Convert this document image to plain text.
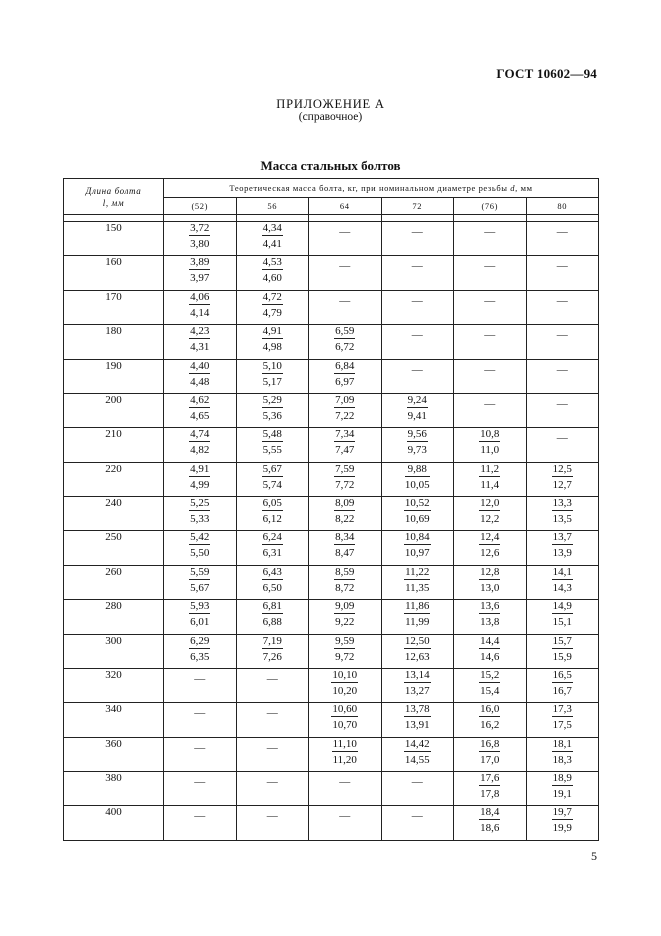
ГОСТ 10602—94
ПРИЛОЖЕНИЕ А
(справочное)
Масса стальных болтов
Длина болта
l, мм	Теоретическая масса болта, кг, при номинальном диаметре резьбы d, мм					
	(52)	56	64	72	(76)	80

150	$\frac{3,72}{3,80}$	$\frac{4,34}{4,41}$	—	—	—	—
160	$\frac{3,89}{3,97}$	$\frac{4,53}{4,60}$	—	—	—	—
170	$\frac{4,06}{4,14}$	$\frac{4,72}{4,79}$	—	—	—	—
180	$\frac{4,23}{4,31}$	$\frac{4,91}{4,98}$	$\frac{6,59}{6,72}$	—	—	—
190	$\frac{4,40}{4,48}$	$\frac{5,10}{5,17}$	$\frac{6,84}{6,97}$	—	—	—
200	$\frac{4,62}{4,65}$	$\frac{5,29}{5,36}$	$\frac{7,09}{7,22}$	$\frac{9,24}{9,41}$	—	—
210	$\frac{4,74}{4,82}$	$\frac{5,48}{5,55}$	$\frac{7,34}{7,47}$	$\frac{9,56}{9,73}$	$\frac{10,8}{11,0}$	—
220	$\frac{4,91}{4,99}$	$\frac{5,67}{5,74}$	$\frac{7,59}{7,72}$	$\frac{9,88}{10,05}$	$\frac{11,2}{11,4}$	$\frac{12,5}{12,7}$

240	$\frac{5,25}{5,33}$	$\frac{6,05}{6,12}$	$\frac{8,09}{8,22}$	$\frac{10,52}{10,69}$	$\frac{12,0}{12,2}$	$\frac{13,3}{13,5}$

250	$\frac{5,42}{5,50}$	$\frac{6,24}{6,31}$	$\frac{8,34}{8,47}$	$\frac{10,84}{10,97}$	$\frac{12,4}{12,6}$	$\frac{13,7}{13,9}$

260	$\frac{5,59}{5,67}$	$\frac{6,43}{6,50}$	$\frac{8,59}{8,72}$	$\frac{11,22}{11,35}$	$\frac{12,8}{13,0}$	$\frac{14,1}{14,3}$

280	$\frac{5,93}{6,01}$	$\frac{6,81}{6,88}$	$\frac{9,09}{9,22}$	$\frac{11,86}{11,99}$	$\frac{13,6}{13,8}$	$\frac{14,9}{15,1}$

300	$\frac{6,29}{6,35}$	$\frac{7,19}{7,26}$	$\frac{9,59}{9,72}$	$\frac{12,50}{12,63}$	$\frac{14,4}{14,6}$	$\frac{15,7}{15,9}$

320	—	—	$\frac{10,10}{10,20}$	$\frac{13,14}{13,27}$	$\frac{15,2}{15,4}$	$\frac{16,5}{16,7}$

340	—	—	$\frac{10,60}{10,70}$	$\frac{13,78}{13,91}$	$\frac{16,0}{16,2}$	$\frac{17,3}{17,5}$

360	—	—	$\frac{11,10}{11,20}$	$\frac{14,42}{14,55}$	$\frac{16,8}{17,0}$	$\frac{18,1}{18,3}$

380	—	—	—	—	$\frac{17,6}{17,8}$	$\frac{18,9}{19,1}$

400	—	—	—	—	$\frac{18,4}{18,6}$	$\frac{19,7}{19,9}$
5
